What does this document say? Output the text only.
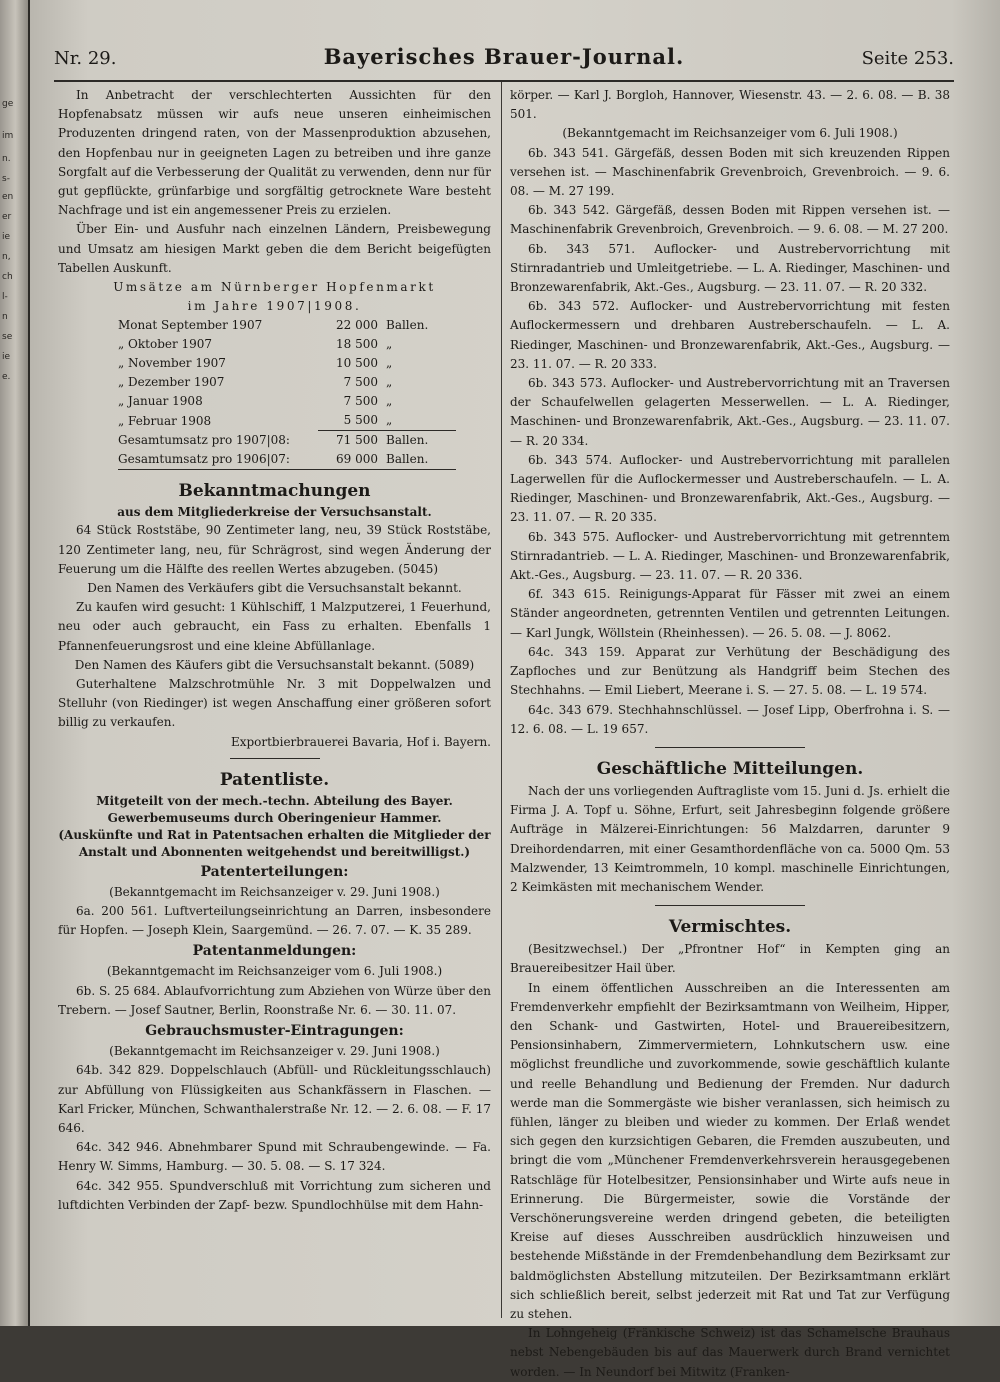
ge
im
n.
s-
en
er
ie
n,
ch
l-
n
se
ie
e.
Nr. 29.	Bayerisches Brauer-Journal.	Seite 253.

In Anbetracht der verschlechterten Aussichten für den Hopfenabsatz müssen wir aufs neue unseren einheimischen Produzenten dringend raten, von der Massenproduktion abzusehen, den Hopfenbau nur in geeigneten Lagen zu betreiben und ihre ganze Sorgfalt auf die Verbesserung der Qualität zu verwenden, denn nur für gut gepflückte, grünfarbige und sorgfältig getrocknete Ware besteht Nachfrage und ist ein angemessener Preis zu erzielen.

Über Ein- und Ausfuhr nach einzelnen Ländern, Preisbewegung und Umsatz am hiesigen Markt geben die dem Bericht beigefügten Tabellen Auskunft.

Umsätze am Nürnberger Hopfenmarkt

im Jahre 1907|1908.

Monat September 1907	22 000	Ballen.
„ Oktober 1907	18 500	„
„ November 1907	10 500	„
„ Dezember 1907	7 500	„
„ Januar 1908	7 500	„
„ Februar 1908	5 500	„
Gesamtumsatz pro 1907|08:	71 500	Ballen.
Gesamtumsatz pro 1906|07:	69 000	Ballen.
Bekanntmachungen
aus dem Mitgliederkreise der Versuchsanstalt.

64 Stück Roststäbe, 90 Zentimeter lang, neu, 39 Stück Roststäbe, 120 Zentimeter lang, neu, für Schrägrost, sind wegen Änderung der Feuerung um die Hälfte des reellen Wertes abzugeben. (5045)

Den Namen des Verkäufers gibt die Versuchsanstalt bekannt.

Zu kaufen wird gesucht: 1 Kühlschiff, 1 Malzputzerei, 1 Feuerhund, neu oder auch gebraucht, ein Fass zu erhalten. Ebenfalls 1 Pfannenfeuerungsrost und eine kleine Abfüllanlage.

Den Namen des Käufers gibt die Versuchsanstalt bekannt. (5089)

Guterhaltene Malzschrotmühle Nr. 3 mit Doppelwalzen und Stelluhr (von Riedinger) ist wegen Anschaffung einer größeren sofort billig zu verkaufen.

Exportbierbrauerei Bavaria, Hof i. Bayern.

Patentliste.
Mitgeteilt von der mech.-techn. Abteilung des Bayer. Gewerbemuseums durch Oberingenieur Hammer.
(Auskünfte und Rat in Patentsachen erhalten die Mitglieder der Anstalt und Abonnenten weitgehendst und bereitwilligst.)
Patenterteilungen:

(Bekanntgemacht im Reichsanzeiger v. 29. Juni 1908.)

6a. 200 561. Luftverteilungseinrichtung an Darren, insbesondere für Hopfen. — Joseph Klein, Saargemünd. — 26. 7. 07. — K. 35 289.

Patentanmeldungen:

(Bekanntgemacht im Reichsanzeiger vom 6. Juli 1908.)

6b. S. 25 684. Ablaufvorrichtung zum Abziehen von Würze über den Trebern. — Josef Sautner, Berlin, Roonstraße Nr. 6. — 30. 11. 07.

Gebrauchsmuster-Eintragungen:

(Bekanntgemacht im Reichsanzeiger v. 29. Juni 1908.)

64b. 342 829. Doppelschlauch (Abfüll- und Rückleitungsschlauch) zur Abfüllung von Flüssigkeiten aus Schankfässern in Flaschen. — Karl Fricker, München, Schwanthalerstraße Nr. 12. — 2. 6. 08. — F. 17 646.

64c. 342 946. Abnehmbarer Spund mit Schraubengewinde. — Fa. Henry W. Simms, Hamburg. — 30. 5. 08. — S. 17 324.

64c. 342 955. Spundverschluß mit Vorrichtung zum sicheren und luftdichten Verbinden der Zapf- bezw. Spundlochhülse mit dem Hahn-

körper. — Karl J. Borgloh, Hannover, Wiesenstr. 43. — 2. 6. 08. — B. 38 501.

(Bekanntgemacht im Reichsanzeiger vom 6. Juli 1908.)

6b. 343 541. Gärgefäß, dessen Boden mit sich kreuzenden Rippen versehen ist. — Maschinenfabrik Grevenbroich, Grevenbroich. — 9. 6. 08. — M. 27 199.

6b. 343 542. Gärgefäß, dessen Boden mit Rippen versehen ist. — Maschinenfabrik Grevenbroich, Grevenbroich. — 9. 6. 08. — M. 27 200.

6b. 343 571. Auflocker- und Austrebervorrichtung mit Stirnradantrieb und Umleitgetriebe. — L. A. Riedinger, Maschinen- und Bronzewarenfabrik, Akt.-Ges., Augsburg. — 23. 11. 07. — R. 20 332.

6b. 343 572. Auflocker- und Austrebervorrichtung mit festen Auflockermessern und drehbaren Austreberschaufeln. — L. A. Riedinger, Maschinen- und Bronzewarenfabrik, Akt.-Ges., Augsburg. — 23. 11. 07. — R. 20 333.

6b. 343 573. Auflocker- und Austrebervorrichtung mit an Traversen der Schaufelwellen gelagerten Messerwellen. — L. A. Riedinger, Maschinen- und Bronzewarenfabrik, Akt.-Ges., Augsburg. — 23. 11. 07. — R. 20 334.

6b. 343 574. Auflocker- und Austrebervorrichtung mit parallelen Lagerwellen für die Auflockermesser und Austreberschaufeln. — L. A. Riedinger, Maschinen- und Bronzewarenfabrik, Akt.-Ges., Augsburg. — 23. 11. 07. — R. 20 335.

6b. 343 575. Auflocker- und Austrebervorrichtung mit getrenntem Stirnradantrieb. — L. A. Riedinger, Maschinen- und Bronzewarenfabrik, Akt.-Ges., Augsburg. — 23. 11. 07. — R. 20 336.

6f. 343 615. Reinigungs-Apparat für Fässer mit zwei an einem Ständer angeordneten, getrennten Ventilen und getrennten Leitungen. — Karl Jungk, Wöllstein (Rheinhessen). — 26. 5. 08. — J. 8062.

64c. 343 159. Apparat zur Verhütung der Beschädigung des Zapfloches und zur Benützung als Handgriff beim Stechen des Stechhahns. — Emil Liebert, Meerane i. S. — 27. 5. 08. — L. 19 574.

64c. 343 679. Stechhahnschlüssel. — Josef Lipp, Oberfrohna i. S. — 12. 6. 08. — L. 19 657.

Geschäftliche Mitteilungen.

Nach der uns vorliegenden Auftragliste vom 15. Juni d. Js. erhielt die Firma J. A. Topf u. Söhne, Erfurt, seit Jahresbeginn folgende größere Aufträge in Mälzerei-Einrichtungen: 56 Malzdarren, darunter 9 Dreihordendarren, mit einer Gesamthordenfläche von ca. 5000 Qm. 53 Malzwender, 13 Keimtrommeln, 10 kompl. maschinelle Einrichtungen, 2 Keimkästen mit mechanischem Wender.

Vermischtes.

(Besitzwechsel.) Der „Pfrontner Hof“ in Kempten ging an Brauereibesitzer Hail über.

In einem öffentlichen Ausschreiben an die Interessenten am Fremdenverkehr empfiehlt der Bezirksamtmann von Weilheim, Hipper, den Schank- und Gastwirten, Hotel- und Brauereibesitzern, Pensionsinhabern, Zimmervermietern, Lohnkutschern usw. eine möglichst freundliche und zuvorkommende, sowie geschäftlich kulante und reelle Behandlung und Bedienung der Fremden. Nur dadurch werde man die Sommergäste wie bisher veranlassen, sich heimisch zu fühlen, länger zu bleiben und wieder zu kommen. Der Erlaß wendet sich gegen den kurzsichtigen Gebaren, die Fremden auszubeuten, und bringt die vom „Münchener Fremdenverkehrsverein herausgegebenen Ratschläge für Hotelbesitzer, Pensionsinhaber und Wirte aufs neue in Erinnerung. Die Bürgermeister, sowie die Vorstände der Verschönerungsvereine werden dringend gebeten, die beteiligten Kreise auf dieses Ausschreiben ausdrücklich hinzuweisen und bestehende Mißstände in der Fremdenbehandlung dem Bezirksamt zur baldmöglichsten Abstellung mitzuteilen. Der Bezirksamtmann erklärt sich schließlich bereit, selbst jederzeit mit Rat und Tat zur Verfügung zu stehen.

In Lohngeheig (Fränkische Schweiz) ist das Schamelsche Brauhaus nebst Nebengebäuden bis auf das Mauerwerk durch Brand vernichtet worden. — In Neundorf bei Mitwitz (Franken-
